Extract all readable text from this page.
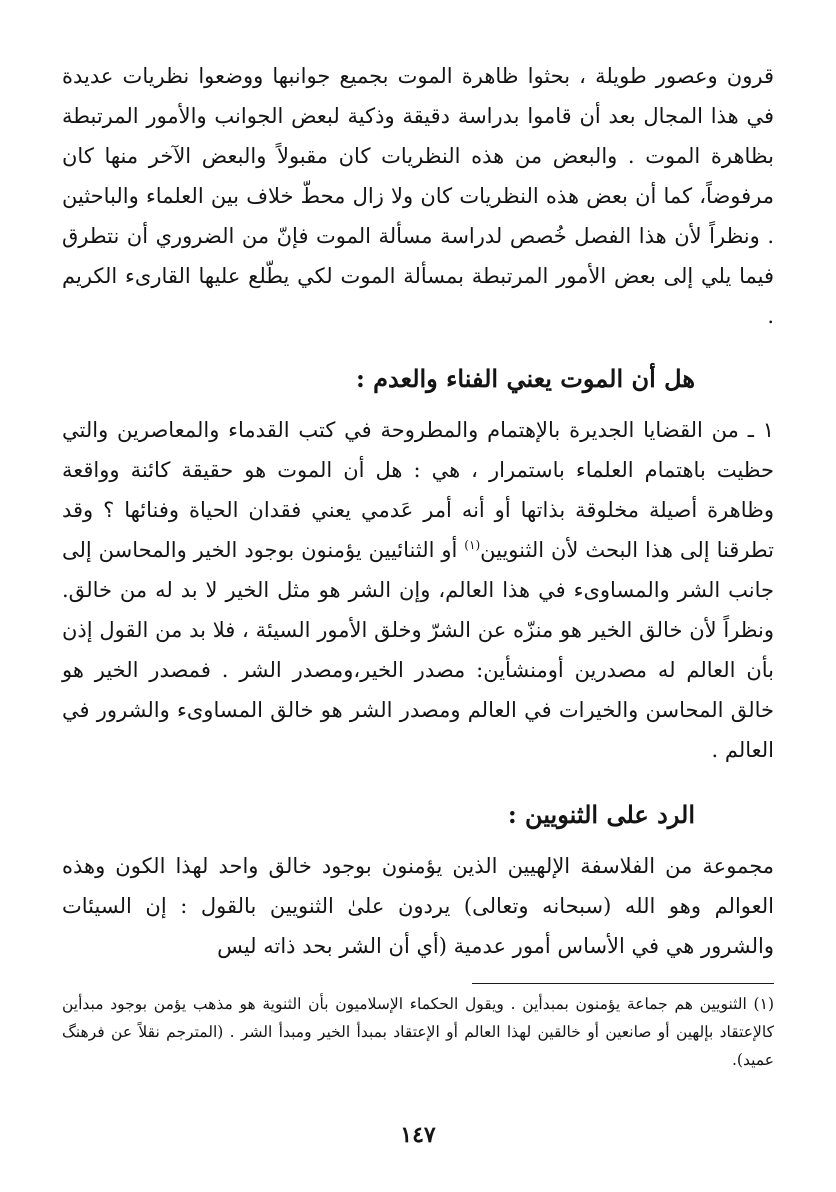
قرون وعصور طويلة ، بحثوا ظاهرة الموت بجميع جوانبها ووضعوا نظريات عديدة في هذا المجال بعد أن قاموا بدراسة دقيقة وذكية لبعض الجوانب والأمور المرتبطة بظاهرة الموت . والبعض من هذه النظريات كان مقبولاً والبعض الآخر منها كان مرفوضاً، كما أن بعض هذه النظريات كان ولا زال محطّ خلاف بين العلماء والباحثين . ونظراً لأن هذا الفصل خُصص لدراسة مسألة الموت فإنّ من الضروري أن نتطرق فيما يلي إلى بعض الأمور المرتبطة بمسألة الموت لكي يطّلع عليها القارىء الكريم .

هل أن الموت يعني الفناء والعدم :

١ ـ من القضايا الجديرة بالإهتمام والمطروحة في كتب القدماء والمعاصرين والتي حظيت باهتمام العلماء باستمرار ، هي : هل أن الموت هو حقيقة كائنة وواقعة وظاهرة أصيلة مخلوقة بذاتها أو أنه أمر عَدمي يعني فقدان الحياة وفنائها ؟ وقد تطرقنا إلى هذا البحث لأن الثنويين$^{(١)}$ أو الثنائيين يؤمنون بوجود الخير والمحاسن إلى جانب الشر والمساوىء في هذا العالم، وإن الشر هو مثل الخير لا بد له من خالق. ونظراً لأن خالق الخير هو منزّه عن الشرّ وخلق الأمور السيئة ، فلا بد من القول إذن بأن العالم له مصدرين أومنشأين: مصدر الخير،ومصدر الشر . فمصدر الخير هو خالق المحاسن والخيرات في العالم ومصدر الشر هو خالق المساوىء والشرور في العالم .

الرد على الثنويين :

مجموعة من الفلاسفة الإلهيين الذين يؤمنون بوجود خالق واحد لهذا الكون وهذه العوالم وهو الله (سبحانه وتعالى) يردون علىٰ الثنويين بالقول : إن السيئات والشرور هي في الأساس أمور عدمية (أي أن الشر بحد ذاته ليس

(١) الثنويين هم جماعة يؤمنون بمبدأين . ويقول الحكماء الإسلاميون بأن الثنوية هو مذهب يؤمن بوجود مبدأين كالإعتقاد بإلهين أو صانعين أو خالقين لهذا العالم أو الإعتقاد بمبدأ الخير ومبدأ الشر . (المترجم نقلاً عن فرهنگ عميد).

١٤٧
